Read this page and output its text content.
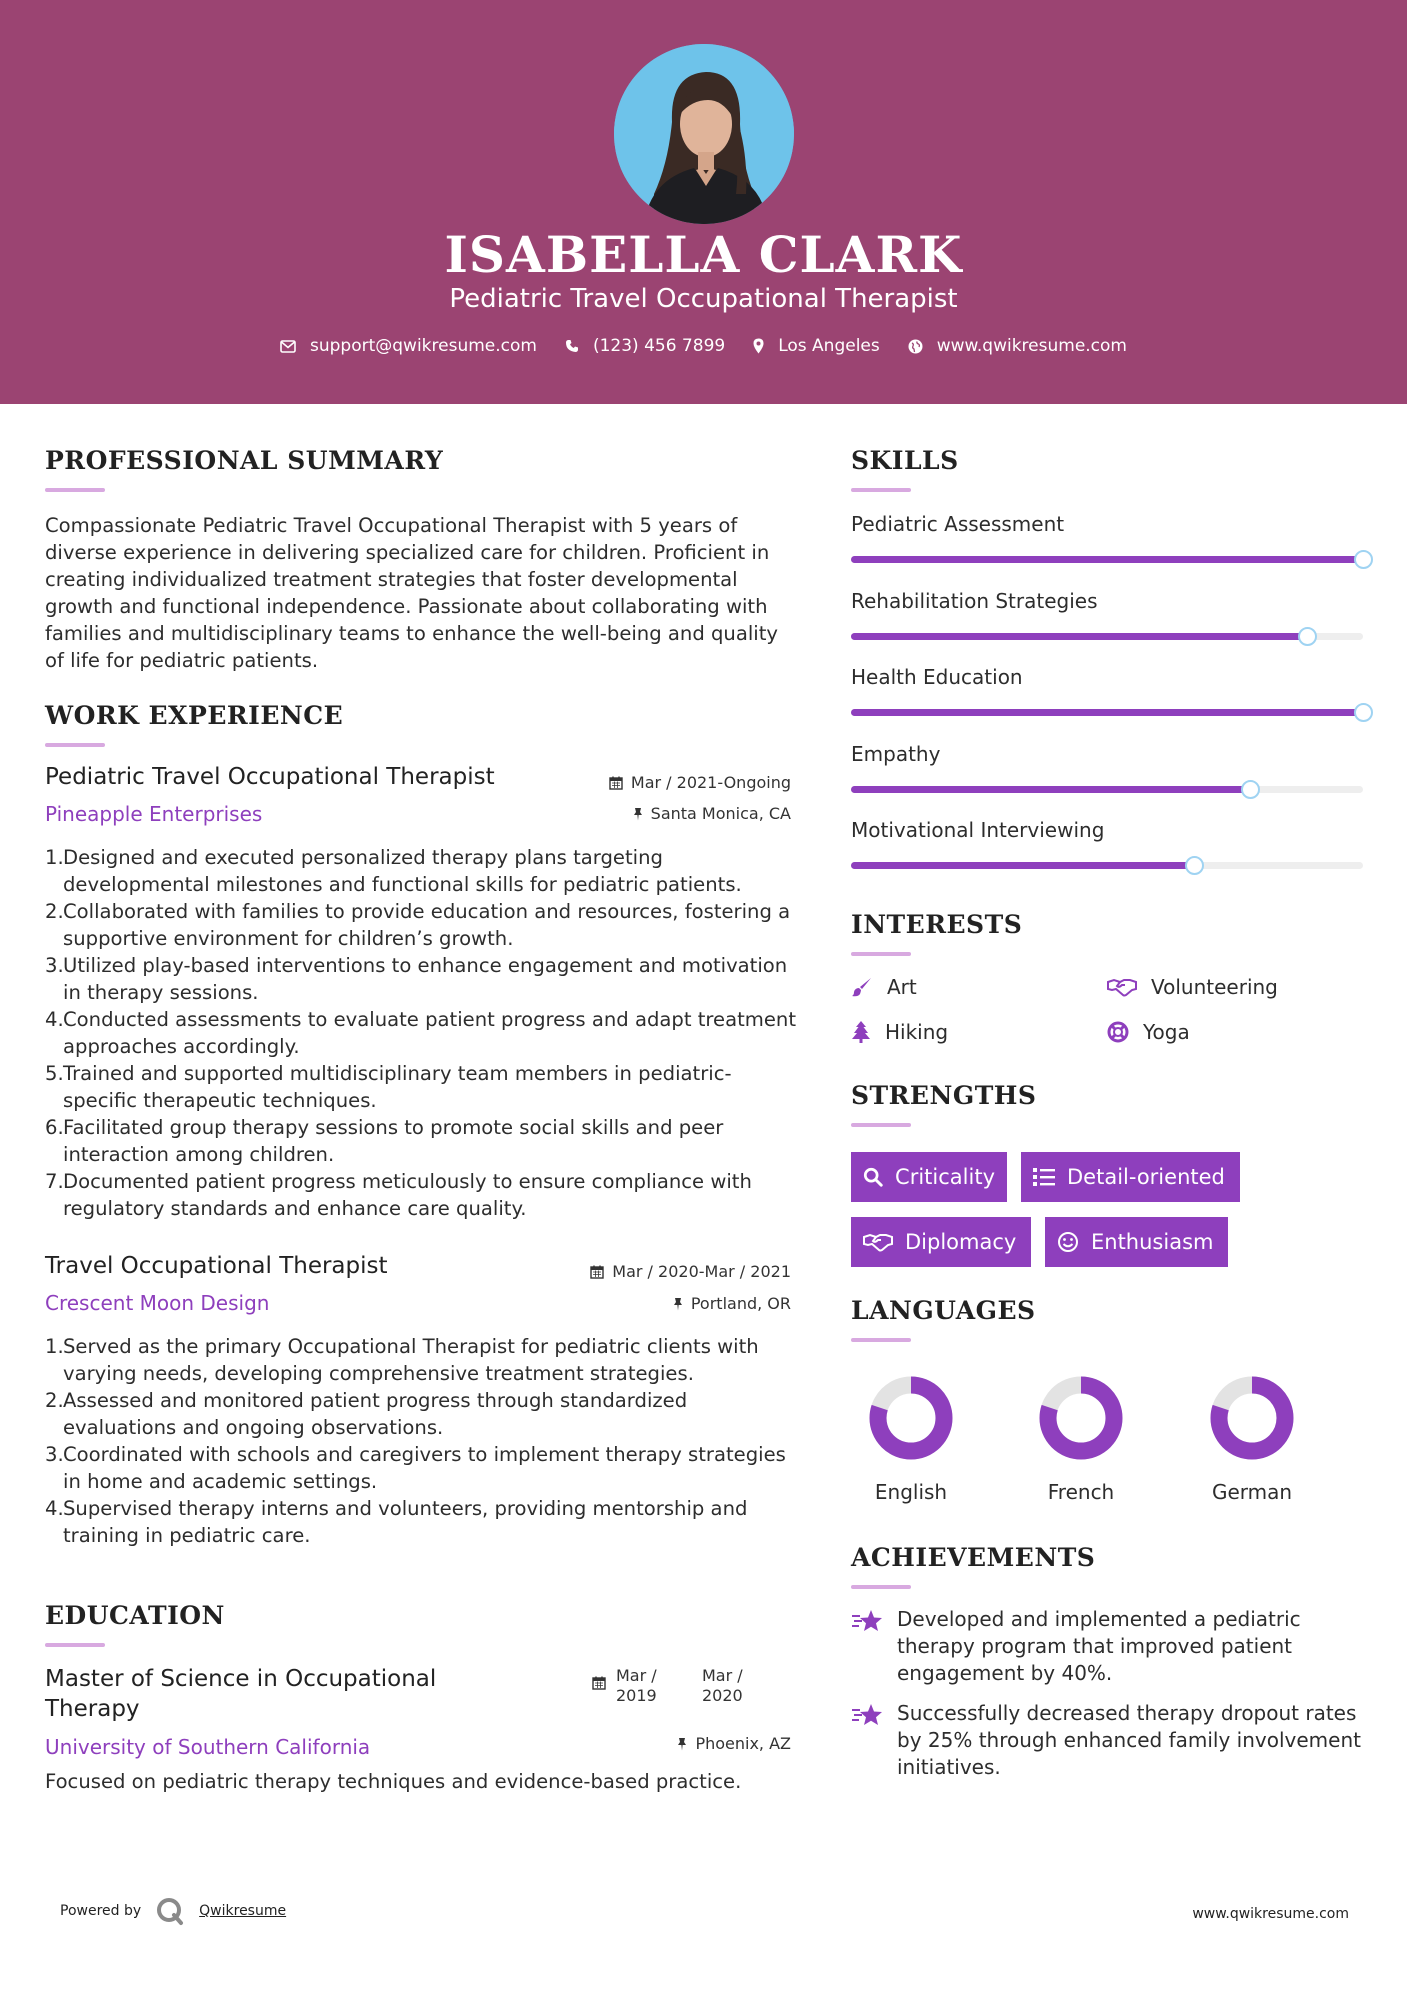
ISABELLA CLARK
Pediatric Travel Occupational Therapist
support@qwikresume.com	(123) 456 7899	Los Angeles	www.qwikresume.com
PROFESSIONAL SUMMARY
Compassionate Pediatric Travel Occupational Therapist with 5 years of diverse experience in delivering specialized care for children. Proficient in creating individualized treatment strategies that foster developmental growth and functional independence. Passionate about collaborating with families and multidisciplinary teams to enhance the well-being and quality of life for pediatric patients.
WORK EXPERIENCE
Pediatric Travel Occupational Therapist
Pineapple Enterprises
Mar / 2021-Ongoing
Santa Monica, CA
1. Designed and executed personalized therapy plans targeting developmental milestones and functional skills for pediatric patients.
2. Collaborated with families to provide education and resources, fostering a supportive environment for children’s growth.
3. Utilized play-based interventions to enhance engagement and motivation in therapy sessions.
4. Conducted assessments to evaluate patient progress and adapt treatment approaches accordingly.
5. Trained and supported multidisciplinary team members in pediatric-specific therapeutic techniques.
6. Facilitated group therapy sessions to promote social skills and peer interaction among children.
7. Documented patient progress meticulously to ensure compliance with regulatory standards and enhance care quality.
Travel Occupational Therapist
Crescent Moon Design
Mar / 2020-Mar / 2021
Portland, OR
1. Served as the primary Occupational Therapist for pediatric clients with varying needs, developing comprehensive treatment strategies.
2. Assessed and monitored patient progress through standardized evaluations and ongoing observations.
3. Coordinated with schools and caregivers to implement therapy strategies in home and academic settings.
4. Supervised therapy interns and volunteers, providing mentorship and training in pediatric care.
EDUCATION
Master of Science in Occupational
Therapy
University of Southern California
Mar /
2019
Mar /
2020
Phoenix, AZ
Focused on pediatric therapy techniques and evidence-based practice.
SKILLS
Pediatric Assessment
Rehabilitation Strategies
Health Education
Empathy
Motivational Interviewing
INTERESTS
Art	Volunteering
Hiking	Yoga
STRENGTHS
Criticality	Detail-oriented
Diplomacy	Enthusiasm
LANGUAGES
English	French	German
ACHIEVEMENTS
Developed and implemented a pediatric therapy program that improved patient engagement by 40%.
Successfully decreased therapy dropout rates by 25% through enhanced family involvement initiatives.
Powered by	Qwikresume	www.qwikresume.com
